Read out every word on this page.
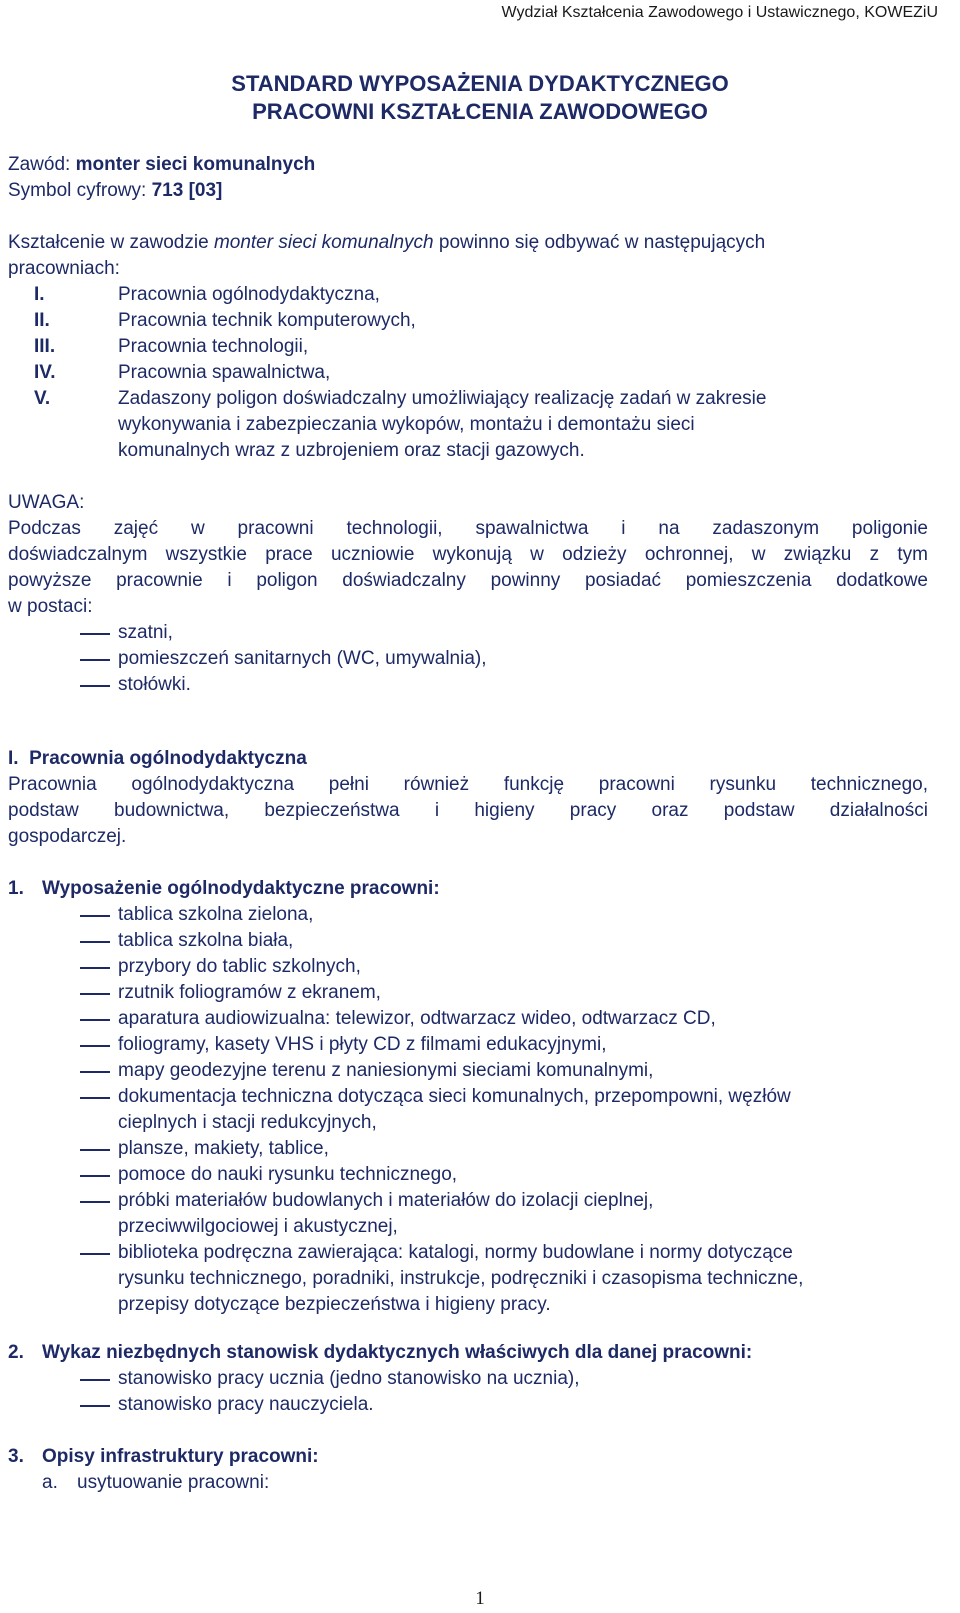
Wydział Kształcenia Zawodowego i Ustawicznego, KOWEZiU
STANDARD WYPOSAŻENIA DYDAKTYCZNEGO
PRACOWNI KSZTAŁCENIA ZAWODOWEGO
Zawód: monter sieci komunalnych
Symbol cyfrowy: 713 [03]
Kształcenie w zawodzie monter sieci komunalnych powinno się odbywać w następujących
pracowniach:
I.	Pracownia ogólnodydaktyczna,
II.	Pracownia technik komputerowych,
III.	Pracownia technologii,
IV.	Pracownia spawalnictwa,
V.	Zadaszony poligon doświadczalny umożliwiający realizację zadań w zakresie
wykonywania i zabezpieczania wykopów, montażu i demontażu sieci
komunalnych wraz z uzbrojeniem oraz stacji gazowych.
UWAGA:
Podczas zajęć w pracowni technologii, spawalnictwa i na zadaszonym poligonie
doświadczalnym wszystkie prace uczniowie wykonują w odzieży ochronnej, w związku z tym
powyższe pracownie i poligon doświadczalny powinny posiadać pomieszczenia dodatkowe
w postaci:
szatni,
pomieszczeń sanitarnych (WC, umywalnia),
stołówki.
I. Pracownia ogólnodydaktyczna
Pracownia ogólnodydaktyczna pełni również funkcję pracowni rysunku technicznego,
podstaw budownictwa, bezpieczeństwa i higieny pracy oraz podstaw działalności
gospodarczej.
1. Wyposażenie ogólnodydaktyczne pracowni:
tablica szkolna zielona,
tablica szkolna biała,
przybory do tablic szkolnych,
rzutnik foliogramów z ekranem,
aparatura audiowizualna: telewizor, odtwarzacz wideo, odtwarzacz CD,
foliogramy, kasety VHS i płyty CD z filmami edukacyjnymi,
mapy geodezyjne terenu z naniesionymi sieciami komunalnymi,
dokumentacja techniczna dotycząca sieci komunalnych, przepompowni, węzłów
cieplnych i stacji redukcyjnych,
plansze, makiety, tablice,
pomoce do nauki rysunku technicznego,
próbki materiałów budowlanych i materiałów do izolacji cieplnej,
przeciwwilgociowej i akustycznej,
biblioteka podręczna zawierająca: katalogi, normy budowlane i normy dotyczące
rysunku technicznego, poradniki, instrukcje, podręczniki i czasopisma techniczne,
przepisy dotyczące bezpieczeństwa i higieny pracy.
2. Wykaz niezbędnych stanowisk dydaktycznych właściwych dla danej pracowni:
stanowisko pracy ucznia (jedno stanowisko na ucznia),
stanowisko pracy nauczyciela.
3. Opisy infrastruktury pracowni:
a. usytuowanie pracowni:
1
